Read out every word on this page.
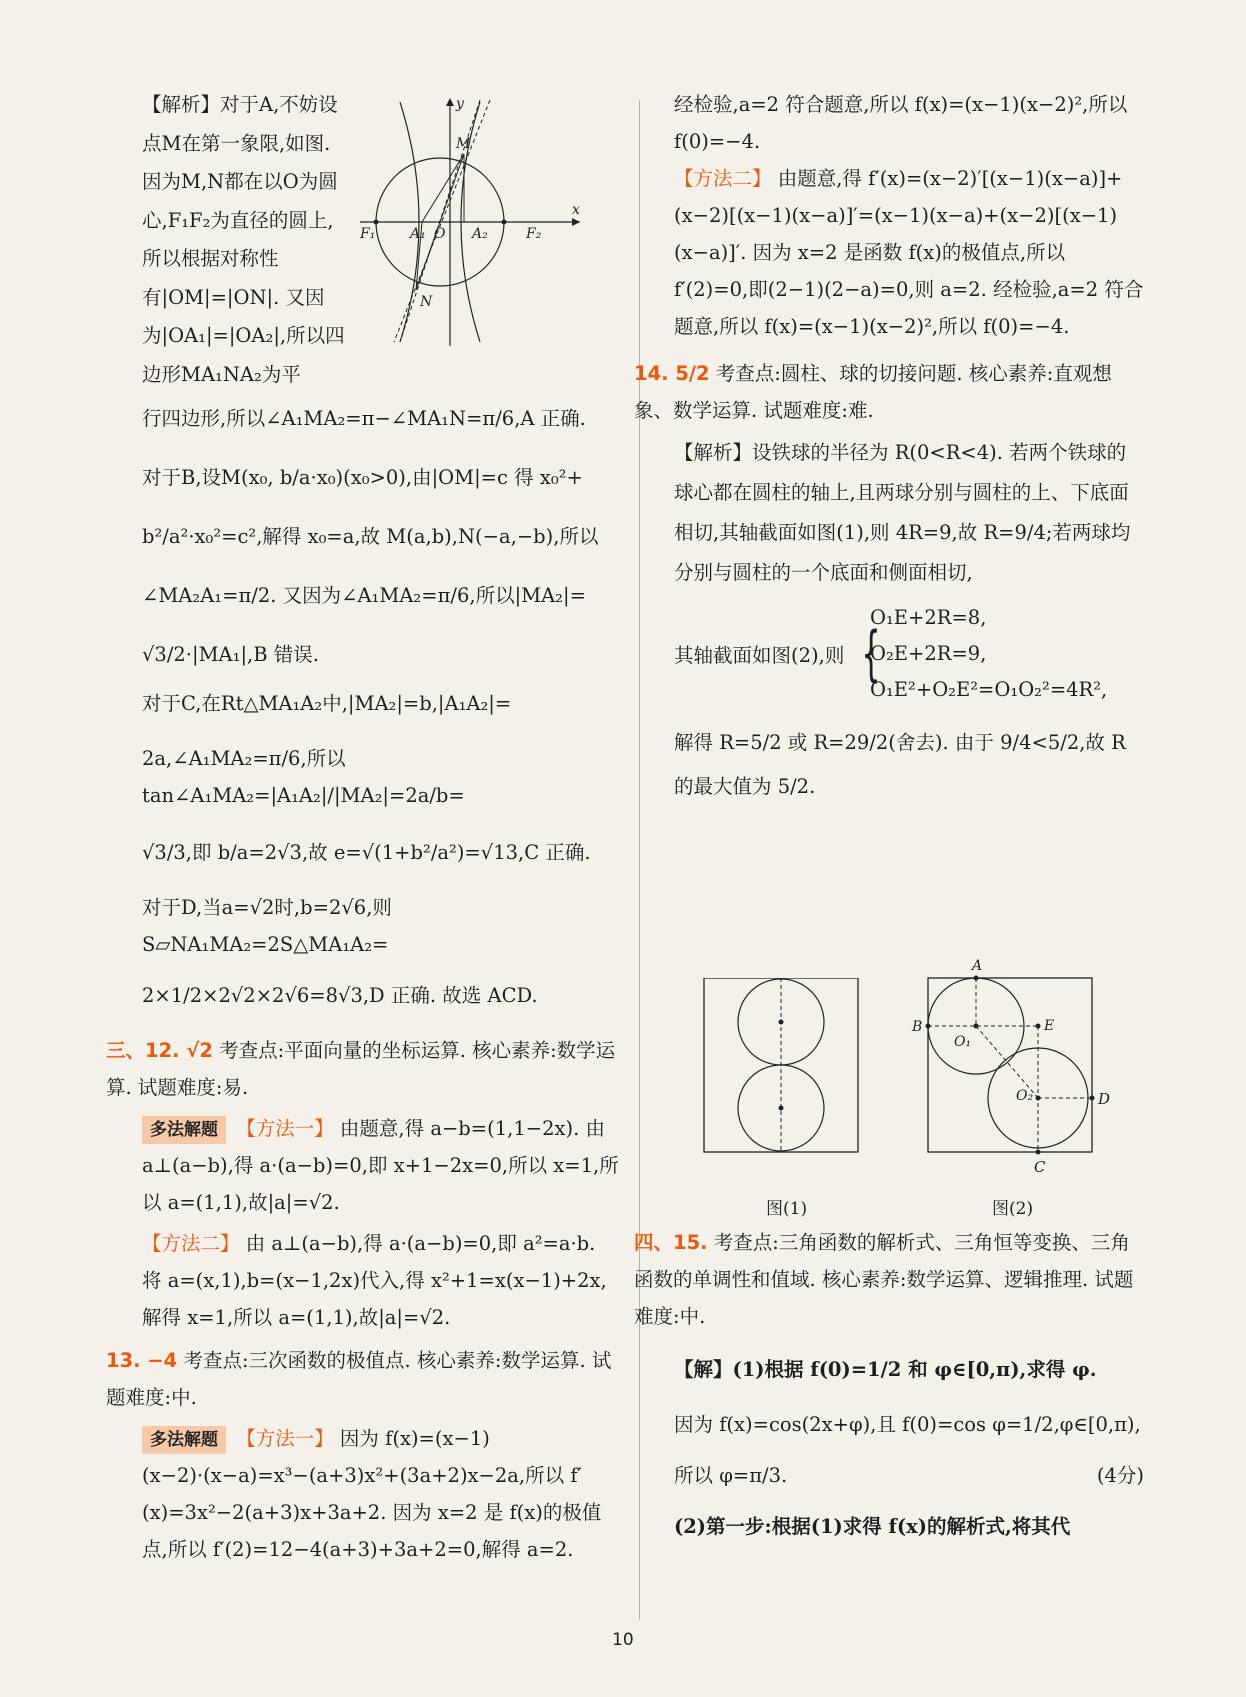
【解析】对于A,不妨设点M在第一象限,如图. 因为M,N都在以O为圆心,F₁F₂为直径的圆上,所以根据对称性有|OM|=|ON|. 又因为|OA₁|=|OA₂|,所以四边形MA₁NA₂为平

行四边形,所以∠A₁MA₂=π−∠MA₁N=π/6,A 正确.

对于B,设M(x₀, b/a·x₀)(x₀>0),由|OM|=c 得 x₀²+

b²/a²·x₀²=c²,解得 x₀=a,故 M(a,b),N(−a,−b),所以

∠MA₂A₁=π/2. 又因为∠A₁MA₂=π/6,所以|MA₂|=

√3/2·|MA₁|,B 错误.

对于C,在Rt△MA₁A₂中,|MA₂|=b,|A₁A₂|=

2a,∠A₁MA₂=π/6,所以 tan∠A₁MA₂=|A₁A₂|/|MA₂|=2a/b=

√3/3,即 b/a=2√3,故 e=√(1+b²/a²)=√13,C 正确.

对于D,当a=√2时,b=2√6,则 S▱NA₁MA₂=2S△MA₁A₂=

2×1/2×2√2×2√6=8√3,D 正确. 故选 ACD.

三、12. √2 考查点:平面向量的坐标运算. 核心素养:数学运算. 试题难度:易.

多法解题 【方法一】 由题意,得 a−b=(1,1−2x). 由 a⊥(a−b),得 a·(a−b)=0,即 x+1−2x=0,所以 x=1,所以 a=(1,1),故|a|=√2.

【方法二】 由 a⊥(a−b),得 a·(a−b)=0,即 a²=a·b. 将 a=(x,1),b=(x−1,2x)代入,得 x²+1=x(x−1)+2x,解得 x=1,所以 a=(1,1),故|a|=√2.

13. −4 考查点:三次函数的极值点. 核心素养:数学运算. 试题难度:中.

多法解题 【方法一】 因为 f(x)=(x−1)(x−2)·(x−a)=x³−(a+3)x²+(3a+2)x−2a,所以 f′(x)=3x²−2(a+3)x+3a+2. 因为 x=2 是 f(x)的极值点,所以 f′(2)=12−4(a+3)+3a+2=0,解得 a=2.

y
x
M
N
O
F₁	F₂
A₁	A₂

经检验,a=2 符合题意,所以 f(x)=(x−1)(x−2)²,所以 f(0)=−4.

【方法二】 由题意,得 f′(x)=(x−2)′[(x−1)(x−a)]+(x−2)[(x−1)(x−a)]′=(x−1)(x−a)+(x−2)[(x−1)(x−a)]′. 因为 x=2 是函数 f(x)的极值点,所以 f′(2)=0,即(2−1)(2−a)=0,则 a=2. 经检验,a=2 符合题意,所以 f(x)=(x−1)(x−2)²,所以 f(0)=−4.

14. 5/2 考查点:圆柱、球的切接问题. 核心素养:直观想象、数学运算. 试题难度:难.

【解析】设铁球的半径为 R(0<R<4). 若两个铁球的球心都在圆柱的轴上,且两球分别与圆柱的上、下底面相切,其轴截面如图(1),则 4R=9,故 R=9/4;若两球均分别与圆柱的一个底面和侧面相切,

其轴截面如图(2),则 {
O₁E+2R=8,
O₂E+2R=9,
O₁E²+O₂E²=O₁O₂²=4R²,

解得 R=5/2 或 R=29/2(舍去). 由于 9/4<5/2,故 R 的最大值为 5/2.

图(1)
A
B	E
O₁
O₂	D
C
图(2)

四、15. 考查点:三角函数的解析式、三角恒等变换、三角函数的单调性和值域. 核心素养:数学运算、逻辑推理. 试题难度:中.

【解】(1)根据 f(0)=1/2 和 φ∈[0,π),求得 φ.

因为 f(x)=cos(2x+φ),且 f(0)=cos φ=1/2,φ∈[0,π),

所以 φ=π/3.	(4分)

(2)第一步:根据(1)求得 f(x)的解析式,将其代

10
